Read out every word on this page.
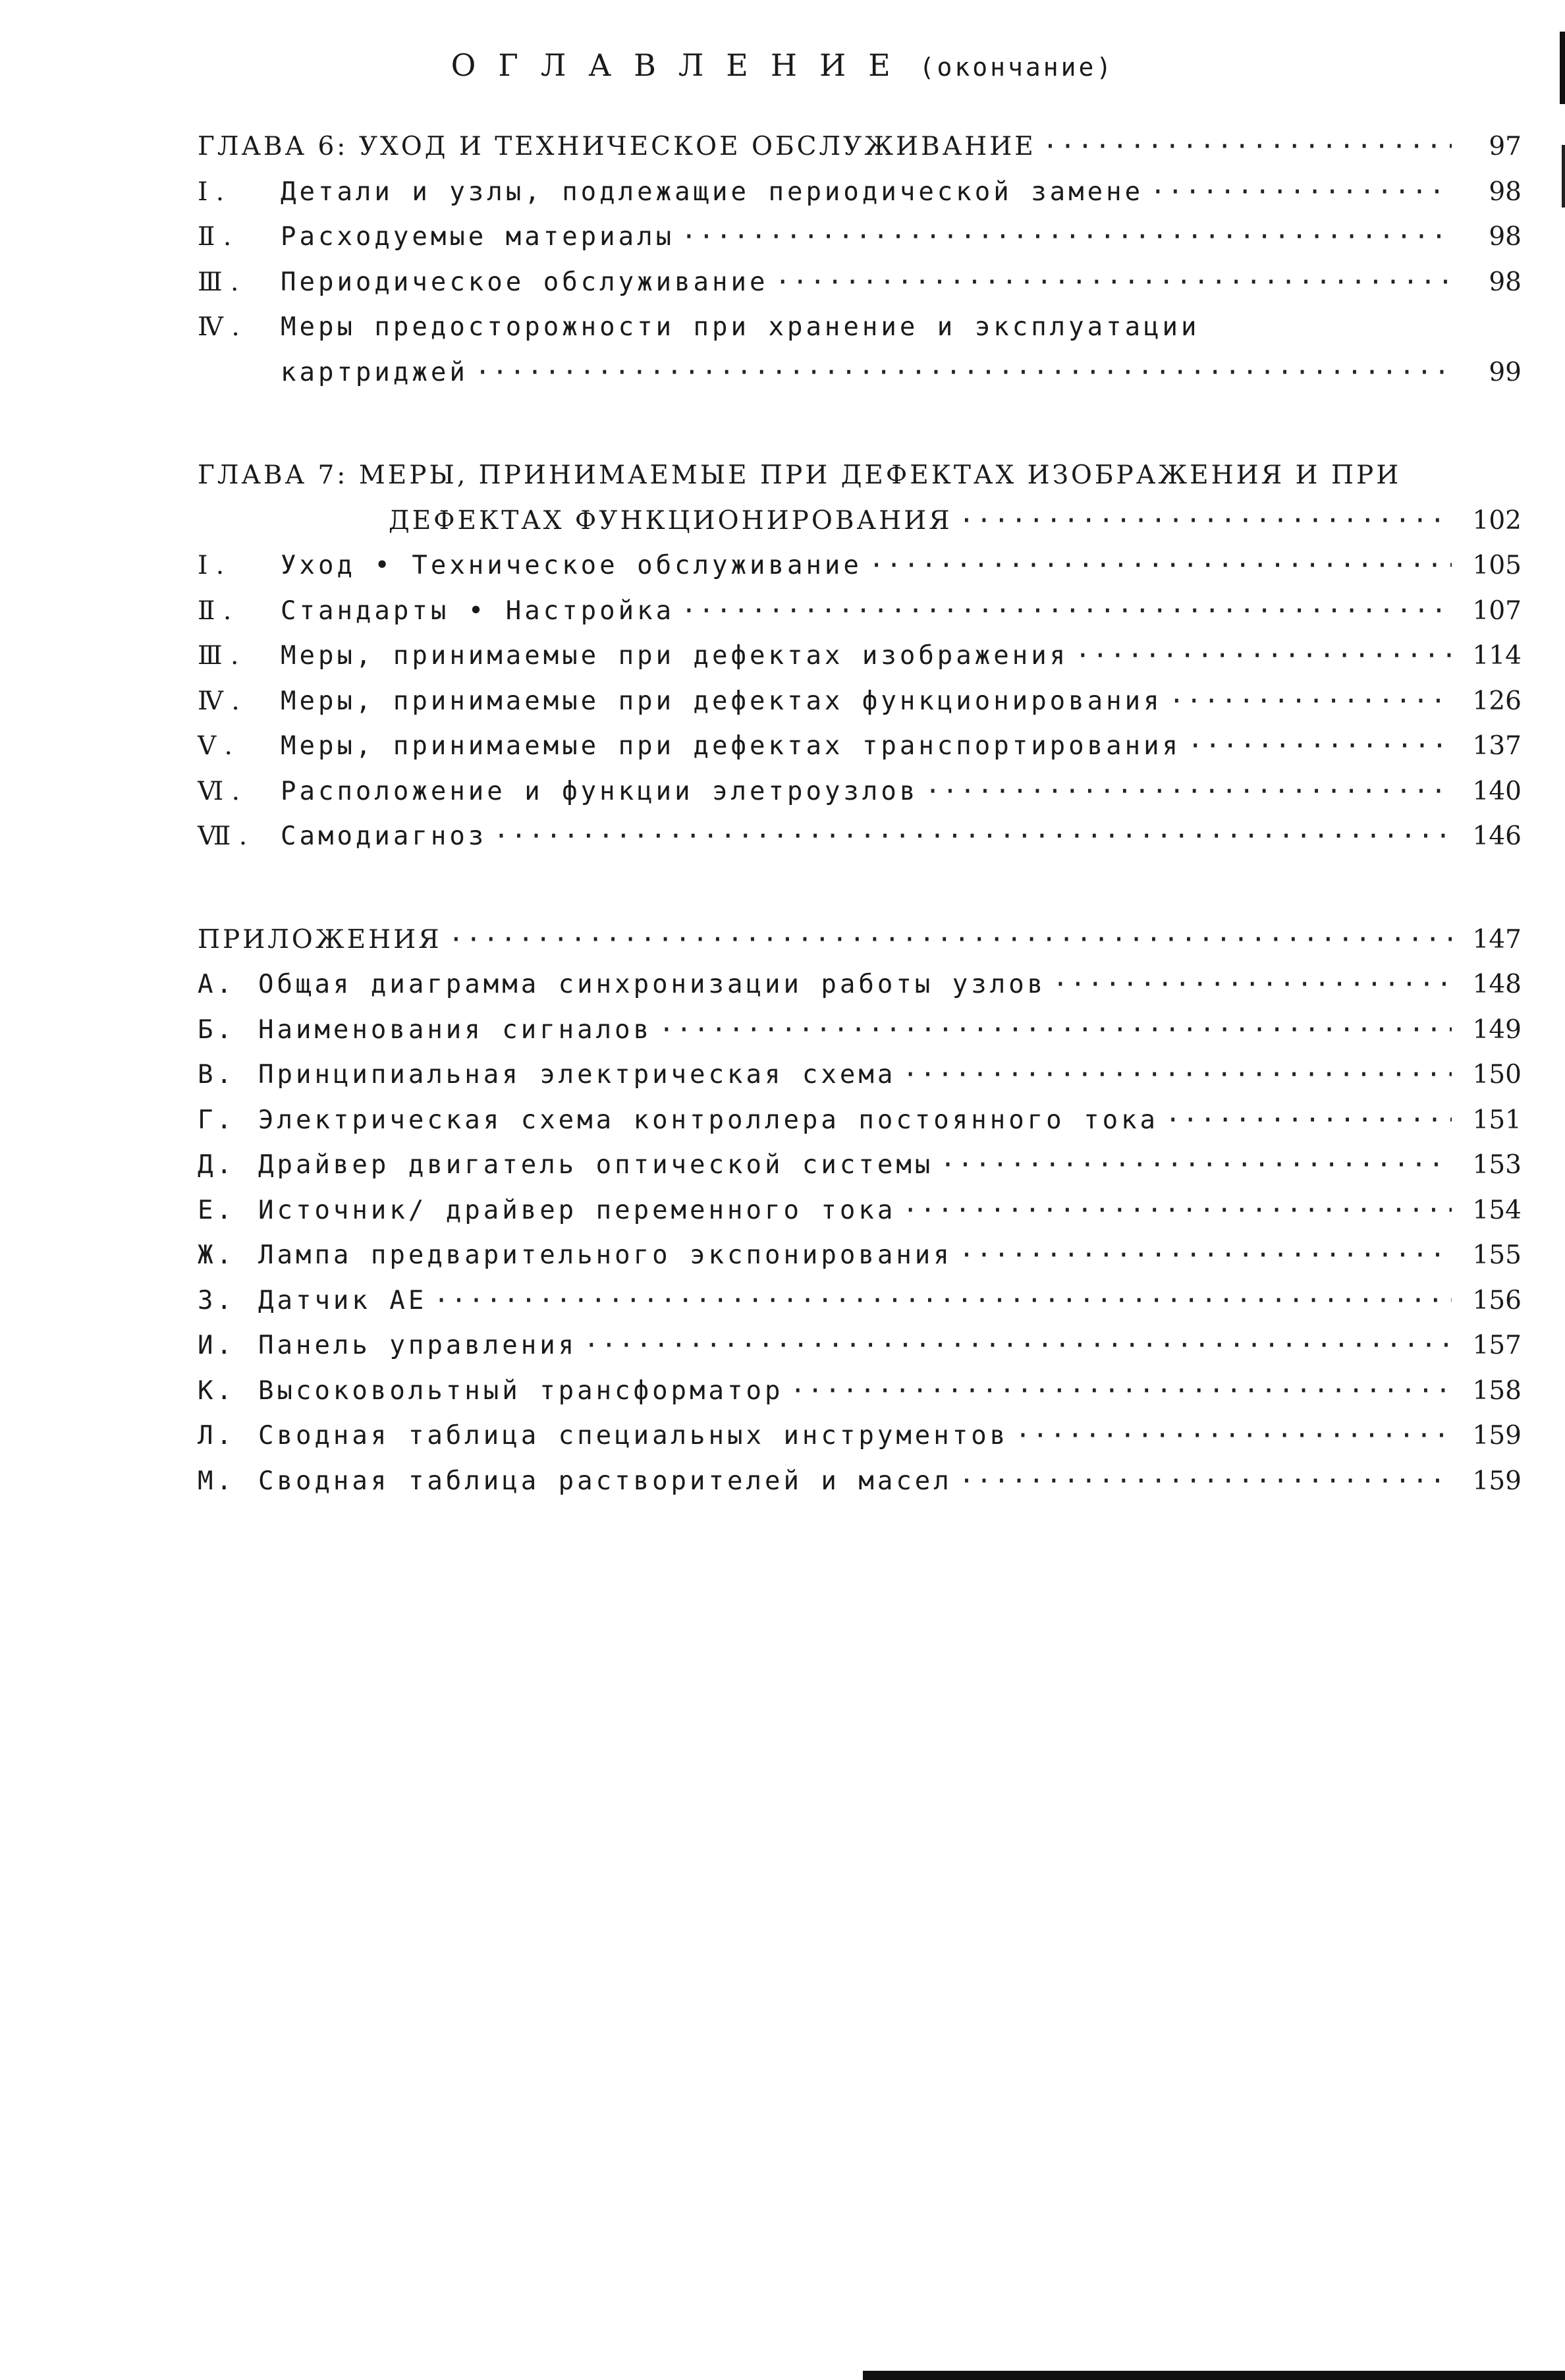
ОГЛАВЛЕНИЕ (окончание)
ГЛАВА 6: УХОД И ТЕХНИЧЕСКОЕ ОБСЛУЖИВАНИЕ ·····	97
Ⅰ .	Детали и узлы, подлежащие периодической замене ·····	98
Ⅱ .	Расходуемые материалы ·····	98
Ⅲ .	Периодическое обслуживание ·····	98
Ⅳ .	Меры предосторожности при хранение и эксплуатации
картриджей ·····	99
ГЛАВА 7: МЕРЫ, ПРИНИМАЕМЫЕ ПРИ ДЕФЕКТАХ ИЗОБРАЖЕНИЯ И ПРИ
ДЕФЕКТАХ ФУНКЦИОНИРОВАНИЯ ·····	102
Ⅰ .	Уход • Техническое обслуживание ·····	105
Ⅱ .	Стандарты • Настройка ·····	107
Ⅲ .	Меры, принимаемые при дефектах изображения ·····	114
Ⅳ .	Меры, принимаемые при дефектах функционирования ·····	126
Ⅴ .	Меры, принимаемые при дефектах транспортирования ·····	137
Ⅵ .	Расположение и функции элетроузлов ·····	140
Ⅶ .	Самодиагноз ·····	146
ПРИЛОЖЕНИЯ ·····	147
А. Общая диаграмма синхронизации работы узлов ·····	148
Б. Наименования сигналов ·····	149
В. Принципиальная электрическая схема ·····	150
Г. Электрическая схема контроллера постоянного тока ·····	151
Д. Драйвер двигатель оптической системы ·····	153
Е. Источник/ драйвер переменного тока ·····	154
Ж. Лампа предварительного экспонирования ·····	155
З. Датчик АЕ ·····	156
И. Панель управления ·····	157
К. Высоковольтный трансформатор ·····	158
Л. Сводная таблица специальных инструментов ·····	159
М. Сводная таблица растворителей и масел ·····	159
